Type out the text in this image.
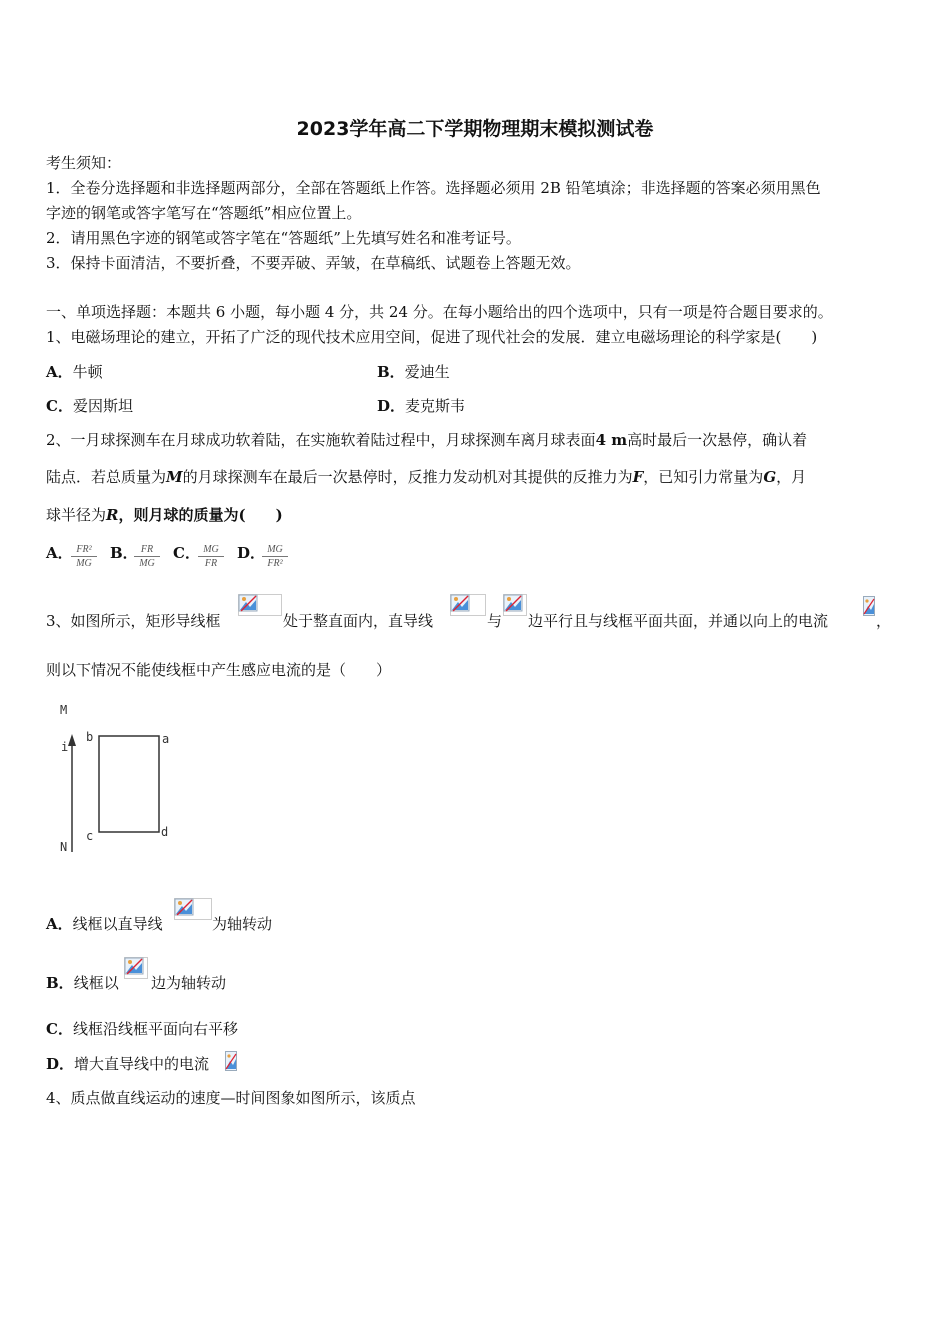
2023学年高二下学期物理期末模拟测试卷
考生须知：
1．全卷分选择题和非选择题两部分，全部在答题纸上作答。选择题必须用 2B 铅笔填涂；非选择题的答案必须用黑色
字迹的钢笔或答字笔写在“答题纸”相应位置上。
2．请用黑色字迹的钢笔或答字笔在“答题纸”上先填写姓名和准考证号。
3．保持卡面清洁，不要折叠，不要弄破、弄皱，在草稿纸、试题卷上答题无效。
一、单项选择题：本题共 6 小题，每小题 4 分，共 24 分。在每小题给出的四个选项中，只有一项是符合题目要求的。
1、电磁场理论的建立，开拓了广泛的现代技术应用空间，促进了现代社会的发展．建立电磁场理论的科学家是(　　)
A．牛顿	B．爱迪生
C．爱因斯坦	D．麦克斯韦
2、一月球探测车在月球成功软着陆，在实施软着陆过程中，月球探测车离月球表面4 m高时最后一次悬停，确认着
陆点．若总质量为M的月球探测车在最后一次悬停时，反推力发动机对其提供的反推力为F，已知引力常量为G，月
球半径为R，则月球的质量为(　　)
A．
$\frac{\text{FR²}}{MG}$ B．
$\frac{FR}{MG}$ C．
$\frac{MG}{FR}$ D．
$\frac{MG}{\text{FR²}}$
3、如图所示，矩形导线框	处于整直面内，直导线	与 边平行且与线框平面共面，并通以向上的电流	，
则以下情况不能使线框中产生感应电流的是（　　）
M
i
b	a
c	d
N
A．线框以直导线	为轴转动
B．线框以 边为轴转动
C．线框沿线框平面向右平移
D．增大直导线中的电流
4、质点做直线运动的速度—时间图象如图所示，该质点
